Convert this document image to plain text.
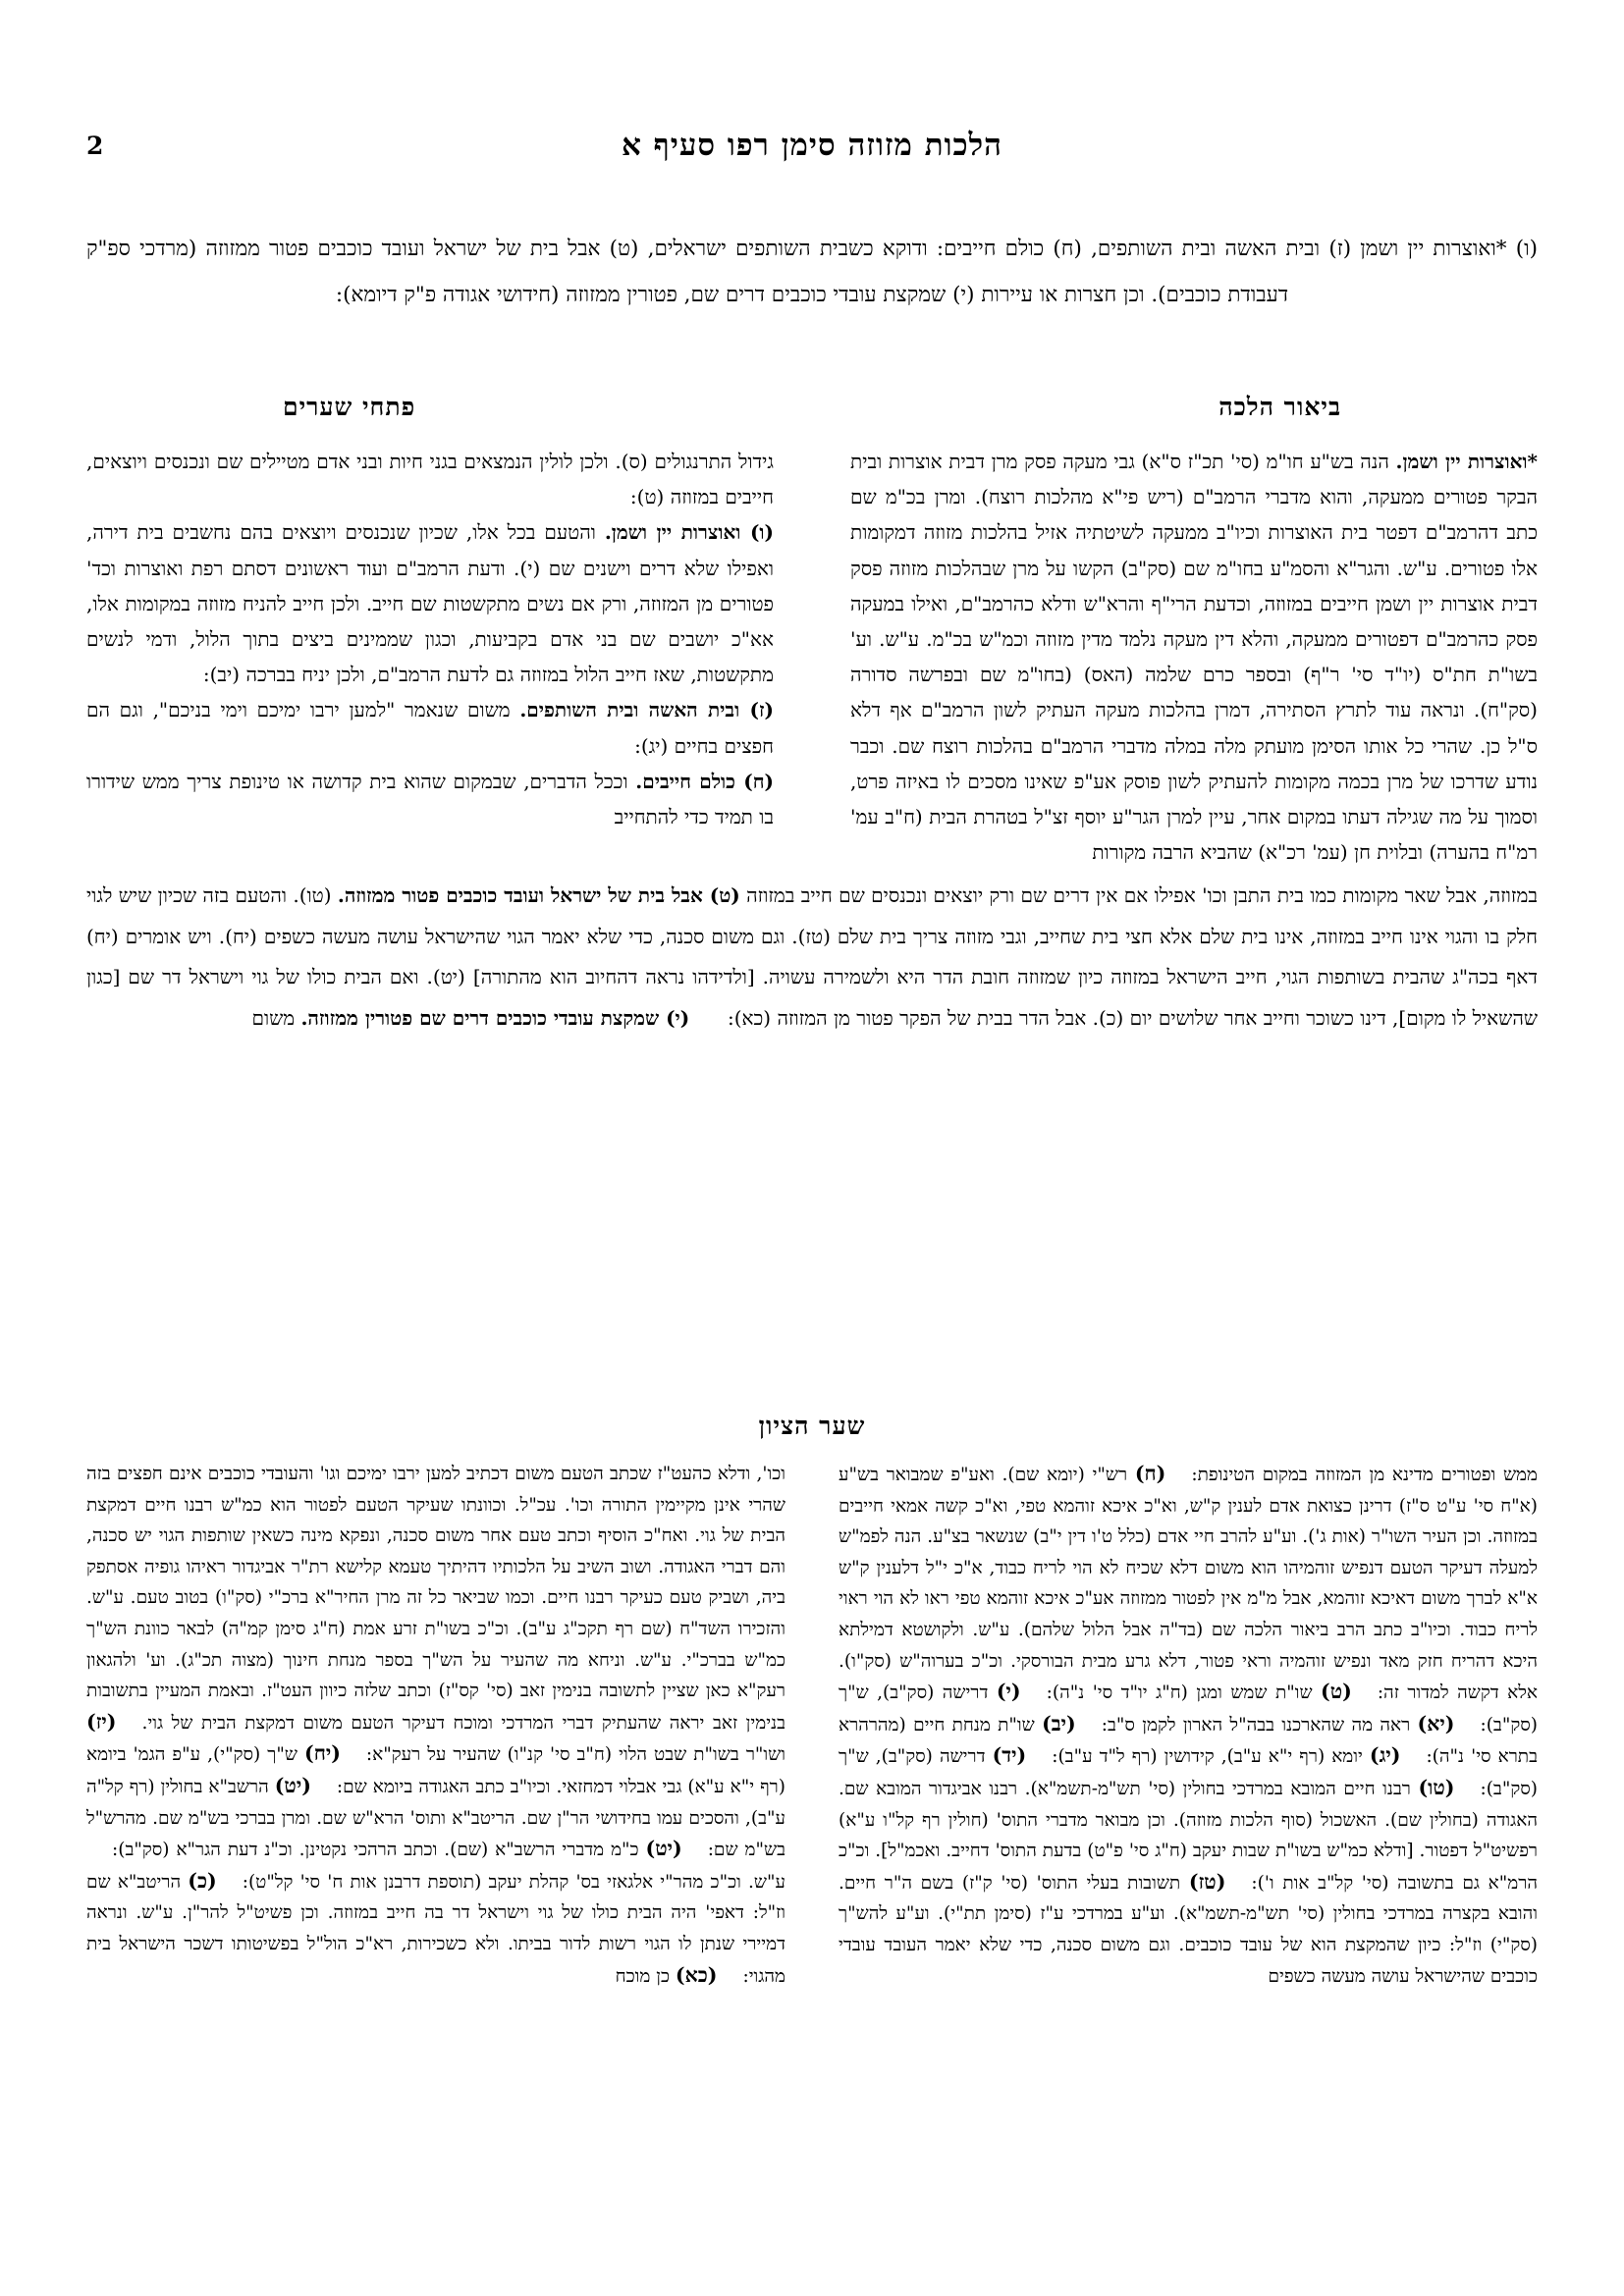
הלכות מזוזה סימן רפו סעיף א
2
(ו) *ואוצרות יין ושמן (ז) ובית האשה ובית השותפים, (ח) כולם חייבים: ודוקא כשבית השותפים ישראלים, (ט) אבל בית של ישראל ועובד כוכבים פטור ממזוזה (מרדכי ספ"ק דעבודת כוכבים). וכן חצרות או עיירות (י) שמקצת עובדי כוכבים דרים שם, פטורין ממזוזה (חידושי אגודה פ"ק דיומא):
ביאור הלכה
פתחי שערים

*ואוצרות יין ושמן. הנה בש"ע חו"מ (סי' תכ"ז ס"א) גבי מעקה פסק מרן דבית אוצרות ובית הבקר פטורים ממעקה, והוא מדברי הרמב"ם (ריש פי"א מהלכות רוצח). ומרן בכ"מ שם כתב דהרמב"ם דפטר בית האוצרות וכיו"ב ממעקה לשיטתיה אזיל בהלכות מזוזה דמקומות אלו פטורים. ע"ש. והגר"א והסמ"ע בחו"מ שם (סק"ב) הקשו על מרן שבהלכות מזוזה פסק דבית אוצרות יין ושמן חייבים במזוזה, וכדעת הרי"ף והרא"ש ודלא כהרמב"ם, ואילו במעקה פסק כהרמב"ם דפטורים ממעקה, והלא דין מעקה נלמד מדין מזוזה וכמ"ש בכ"מ. ע"ש. וע' בשו"ת חת"ס (יו"ד סי' ר"ף) ובספר כרם שלמה (האס) (בחו"מ שם ובפרשה סדורה (סק"ח). ונראה עוד לתרץ הסתירה, דמרן בהלכות מעקה העתיק לשון הרמב"ם אף דלא ס"ל כן. שהרי כל אותו הסימן מועתק מלה במלה מדברי הרמב"ם בהלכות רוצח שם. וכבר נודע שדרכו של מרן בכמה מקומות להעתיק לשון פוסק אע"פ שאינו מסכים לו באיזה פרט, וסמוך על מה שגילה דעתו במקום אחר, עיין למרן הגר"ע יוסף זצ"ל בטהרת הבית (ח"ב עמ' רמ"ח בהערה) ובלוית חן (עמ' רכ"א) שהביא הרבה מקורות

גידול התרנגולים (ס). ולכן לולין הנמצאים בגני חיות ובני אדם מטיילים שם ונכנסים ויוצאים, חייבים במזוזה (ט):

(ו) ואוצרות יין ושמן. והטעם בכל אלו, שכיון שנכנסים ויוצאים בהם נחשבים בית דירה, ואפילו שלא דרים וישנים שם (י). ודעת הרמב"ם ועוד ראשונים דסתם רפת ואוצרות וכד' פטורים מן המזוזה, ורק אם נשים מתקשטות שם חייב. ולכן חייב להניח מזוזה במקומות אלו, אא"כ יושבים שם בני אדם בקביעות, וכגון שממינים ביצים בתוך הלול, ודמי לנשים מתקשטות, שאז חייב הלול במזוזה גם לדעת הרמב"ם, ולכן יניח בברכה (יב):

(ז) ובית האשה ובית השותפים. משום שנאמר "למען ירבו ימיכם וימי בניכם", וגם הם חפצים בחיים (יג):

(ח) כולם חייבים. וככל הדברים, שבמקום שהוא בית קדושה או טינופת צריך ממש שידורו בו תמיד כדי להתחייב

במזוזה, אבל שאר מקומות כמו בית התבן וכו' אפילו אם אין דרים שם ורק יוצאים ונכנסים שם חייב במזוזה (ט) אבל בית של ישראל ועובד כוכבים פטור ממזוזה. (טו). והטעם בזה שכיון שיש לגוי חלק בו והגוי אינו חייב במזוזה, אינו בית שלם אלא חצי בית שחייב, וגבי מזוזה צריך בית שלם (טז). וגם משום סכנה, כדי שלא יאמר הגוי שהישראל עושה מעשה כשפים (יח). ויש אומרים (יח) דאף בכה"ג שהבית בשותפות הגוי, חייב הישראל במזוזה כיון שמזוזה חובת הדר היא ולשמירה עשויה. [ולדידהו נראה דהחיוב הוא מהתורה] (יט). ואם הבית כולו של גוי וישראל דר שם [כגון שהשאיל לו מקום], דינו כשוכר וחייב אחר שלושים יום (כ). אבל הדר בבית של הפקר פטור מן המזוזה (כא):  (י) שמקצת עובדי כוכבים דרים שם פטורין ממזוזה. משום
שער הציון

ממש ופטורים מדינא מן המזוזה במקום הטינופת:(ח) רש"י (יומא שם). ואע"פ שמבואר בש"ע (א"ח סי' ע"ט ס"ז) דרינן כצואת אדם לענין ק"ש, וא"כ איכא זוהמא טפי, וא"כ קשה אמאי חייבים במזוזה. וכן העיר השו"ר (אות ג'). וע"ע להרב חיי אדם (כלל ט'ו דין י"ב) שנשאר בצ"ע. הנה לפמ"ש למעלה דעיקר הטעם דנפיש זוהמיהו הוא משום דלא שכיח לא הוי לריח כבוד, א"כ י"ל דלענין ק"ש א"א לברך משום דאיכא זוהמא, אבל מ"מ אין לפטור ממזוזה אע"כ איכא זוהמא טפי ראו לא הוי ראוי לריח כבוד. וכיו"ב כתב הרב ביאור הלכה שם (בד"ה אבל הלול שלהם). ע"ש. ולקושטא דמילתא היכא דהריח חזק מאד ונפיש זוהמיה וראי פטור, דלא גרע מבית הבורסקי. וכ"כ בערוה"ש (סק"ו). אלא דקשה למדור זה:(ט) שו"ת שמש ומגן (ח"ג יו"ד סי' נ"ה):(י) דרישה (סק"ב), ש"ך (סק"ב):(יא) ראה מה שהארכנו בבה"ל הארון לקמן ס"ב:(יב) שו"ת מנחת חיים (מהרהרא בתרא סי' נ"ה):(יג) יומא (רף י"א ע"ב), קידושין (רף ל"ד ע"ב):(יד) דרישה (סק"ב), ש"ך (סק"ב):(טו) רבנו חיים המובא במרדכי בחולין (סי' תש"מ-תשמ"א). רבנו אביגדור המובא שם. האגודה (בחולין שם). האשכול (סוף הלכות מזוזה). וכן מבואר מדברי התוס' (חולין רף קל"ו ע"א) רפשיט"ל דפטור. [ודלא כמ"ש בשו"ת שבות יעקב (ח"ג סי' פ"ט) בדעת התוס' דחייב. ואכמ"ל]. וכ"כ הרמ"א גם בתשובה (סי' קל"ב אות ו'):(טז) תשובות בעלי התוס' (סי' ק"ז) בשם ה"ר חיים. והובא בקצרה במרדכי בחולין (סי' תש"מ-תשמ"א). וע"ע במרדכי ע"ז (סימן תת"י). וע"ע להש"ך (סק"י) וז"ל: כיון שהמקצת הוא של עובד כוכבים. וגם משום סכנה, כדי שלא יאמר העובד עובדי כוכבים שהישראל עושה מעשה כשפים

וכו', ודלא כהעט"ז שכתב הטעם משום דכתיב למען ירבו ימיכם וגו' והעובדי כוכבים אינם חפצים בזה שהרי אינן מקיימין התורה וכו'. עכ"ל. וכוונתו שעיקר הטעם לפטור הוא כמ"ש רבנו חיים דמקצת הבית של גוי. ואח"כ הוסיף וכתב טעם אחר משום סכנה, ונפקא מינה כשאין שותפות הגוי יש סכנה, והם דברי האגודה. ושוב השיב על הלכותיו דהיתיך טעמא קלישא רת"ר אביגדור ראיהו גופיה אסתפק ביה, ושביק טעם כעיקר רבנו חיים. וכמו שביאר כל זה מרן החיר"א ברכ"י (סק"ו) בטוב טעם. ע"ש. והזכירו השד"ח (שם רף תקכ"ג ע"ב). וכ"כ בשו"ת זרע אמת (ח"ג סימן קמ"ה) לבאר כוונת הש"ך כמ"ש בברכ"י. ע"ש. וניחא מה שהעיר על הש"ך בספר מנחת חינוך (מצוה תכ"ג). וע' ולהגאון רעק"א כאן שציין לתשובה בנימין זאב (סי' קס"ז) וכתב שלזה כיוון העט"ז. ובאמת המעיין בתשובות בנימין זאב יראה שהעתיק דברי המרדכי ומוכח דעיקר הטעם משום דמקצת הבית של גוי.(יז) ושו"ר בשו"ת שבט הלוי (ח"ב סי' קנ"ו) שהעיר על רעק"א:(יח) ש"ך (סק"י), ע"פ הגמ' ביומא (רף י"א ע"א) גבי אבלוי דמחזאי. וכיו"ב כתב האגודה ביומא שם:(יט) הרשב"א בחולין (רף קל"ה ע"ב), והסכים עמו בחידושי הר"ן שם. הריטב"א ותוס' הרא"ש שם. ומרן בברכי בש"מ שם. מהרש"ל בש"מ שם:(יט) כ"מ מדברי הרשב"א (שם). וכתב הרהכי נקטינן. וכ"נ דעת הגר"א (סק"ב):ע"ש. וכ"כ מהר"י אלגאזי בס' קהלת יעקב (תוספת דרבנן אות ח' סי' קל"ט):(כ) הריטב"א שם וז"ל: דאפי' היה הבית כולו של גוי וישראל דר בה חייב במזוזה. וכן פשיט"ל להר"ן. ע"ש. ונראה דמיירי שנתן לו הגוי רשות לדור בביתו. ולא כשכירות, רא"כ הול"ל בפשיטותו דשכר הישראל בית מהגוי:(כא) כן מוכח
